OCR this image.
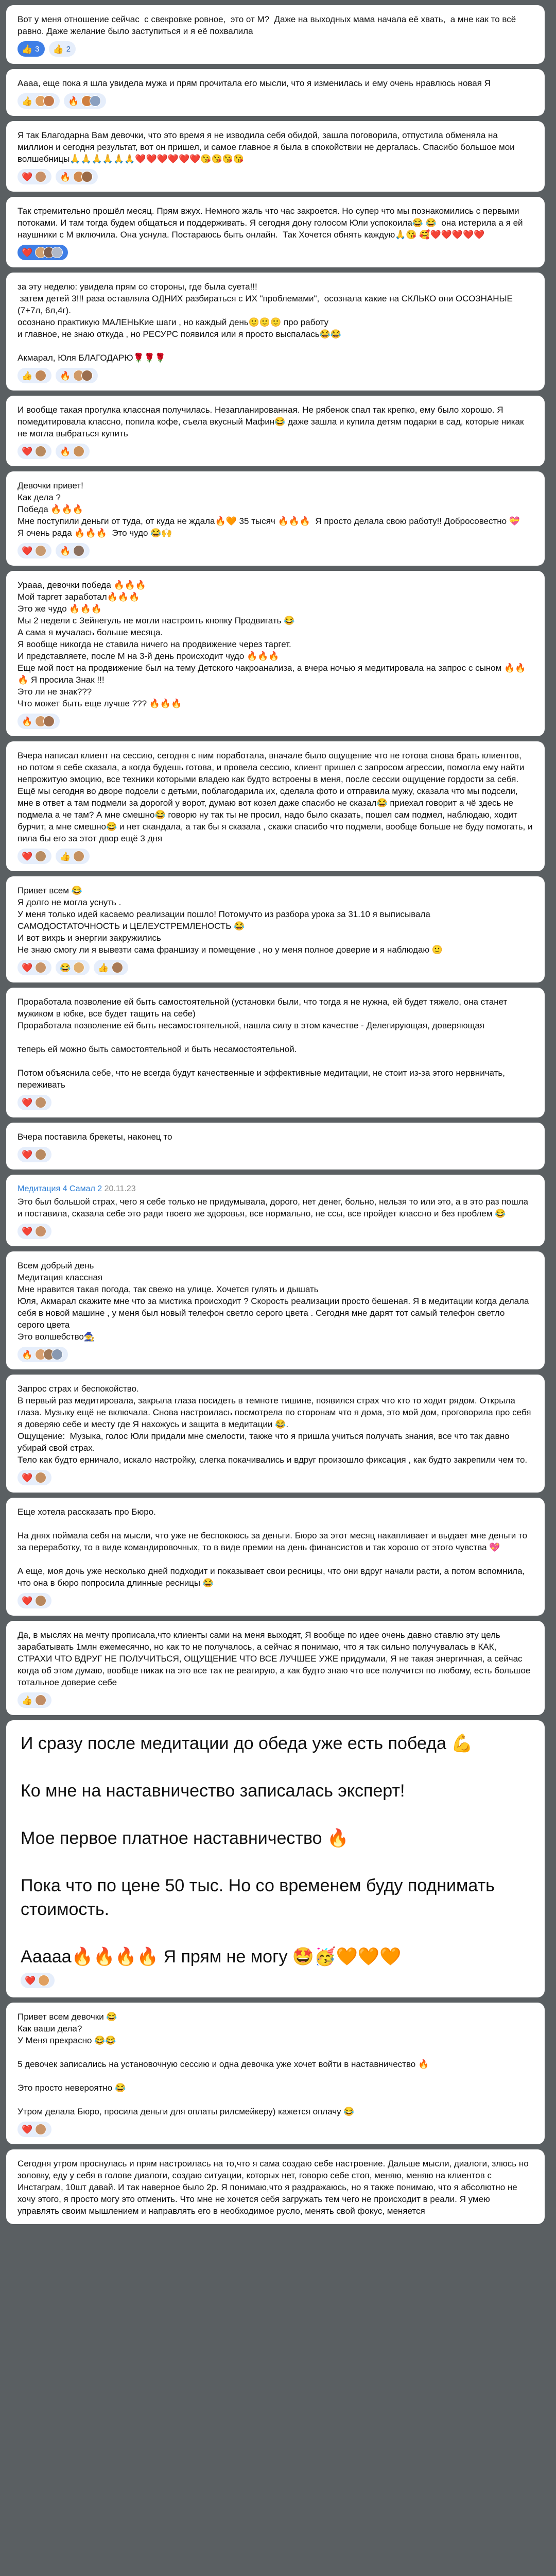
Вот у меня отношение сейчас  с свекровке ровное,  это от М?  Даже на выходных мама начала её хвать,  а мне как то всё равно. Даже желание было заступиться и я её похвалила
👍 3 👍 2
Аааа, еще пока я шла увидела мужа и прям прочитала его мысли, что я изменилась и ему очень нравлюсь новая Я
👍	🔥
Я так Благодарна Вам девочки, что это время я не изводила себя обидой, зашла поговорила, отпустила обменяла на миллион и сегодня результат, вот он пришел, и самое главное я была в спокойствии не дергалась. Спасибо большое мои волшебницы🙏🙏🙏🙏🙏🙏❤️❤️❤️❤️❤️❤️😘😘😘😘
❤️	🔥
Так стремительно прошёл месяц. Прям вжух. Немного жаль что час закроется. Но супер что мы познакомились с первыми потоками. И там тогда будем общаться и поддерживать. Я сегодня дону голосом Юли успокоила😂 😂  она истерила а я ей наушники с М включила. Она уснула. Постараюсь быть онлайн.  Так Хочется обнять каждую🙏😘 🥰❤️❤️❤️❤️❤️
❤️
за эту неделю: увидела прям со стороны, где была суета!!!
затем детей 3!!! раза оставляла ОДНИХ разбираться с ИХ "проблемами",  осознала какие на СКЛЬКО они ОСОЗНАНЫЕ  (7+7л, 6л,4г).
осознано практикую МАЛЕНЬКие шаги , но каждый день🙂🙂🙂 про работу
и главное, не знаю откуда , но РЕСУРС появился или я просто выспалась😂😂
Акмарал, Юля БЛАГОДАРЮ🌹🌹🌹
👍	🔥
И вообще такая прогулка классная получилась. Незапланированная. Не рябенок спал так крепко, ему было хорошо. Я помедитировала классно, попила кофе, съела вкусный Мафин😂 даже зашла и купила детям подарки в сад, которые никак не могла выбраться купить
❤️	🔥
Девочки привет!
Как дела ?
Победа 🔥🔥🔥
Мне поступили деньги от туда, от куда не ждала🔥🧡 35 тысяч 🔥🔥🔥  Я просто делала свою работу!! Добросовестно 💝
Я очень рада 🔥🔥🔥  Это чудо 😂🙌
❤️	🔥
Урааа, девочки победа 🔥🔥🔥
Мой таргет заработал🔥🔥🔥
Это же чудо 🔥🔥🔥
Мы 2 недели с Зейнегуль не могли настроить кнопку Продвигать 😂
А сама я мучалась больше месяца.
Я вообще никогда не ставила ничего на продвижение через таргет.
И представляете, после М на 3-й день происходит чудо 🔥🔥🔥
Еще мой пост на продвижение был на тему Детского чакроанализа, а вчера ночью я медитировала на запрос с сыном 🔥🔥🔥 Я просила Знак !!!
Это ли не знак???
Что может быть еще лучше ??? 🔥🔥🔥
🔥
Вчера написал клиент на сессию, сегодня с ним поработала, вначале было ощущение что не готова снова брать клиентов, но потом я себе сказала, а когда будешь готова, и провела сессию, клиент пришел с запросом агрессии, помогла ему найти непрожитую эмоцию, все техники которыми владею как будто встроены в меня, после сессии ощущение гордости за себя.
Ещё мы сегодня во дворе подсели с детьми, поблагодарила их, сделала фото и отправила мужу, сказала что мы подсели, мне в ответ а там подмели за дорогой у ворот, думаю вот козел даже спасибо не сказал😂 приехал говорит а чё здесь не подмела а че там? А мне смешно😂 говорю ну так ты не просил, надо было сказать, пошел сам подмел, наблюдаю, ходит бурчит, а мне смешно😂 и нет скандала, а так бы я сказала , скажи спасибо что подмели, вообще больше не буду помогать, и пила бы его за этот двор ещё 3 дня
❤️	👍
Привет всем 😂
Я долго не могла уснуть .
У меня только идей касаемо реализации пошло! Потомучто из разбора урока за 31.10 я выписывала САМОДОСТАТОЧНОСТЬ и ЦЕЛЕУСТРЕМЛЕНОСТЬ 😂
И вот вихрь и энергии закружились
Не знаю смогу ли я вывезти сама франшизу и помещение , но у меня полное доверие и я наблюдаю 🙂
❤️	😂	👍
Проработала позволение ей быть самостоятельной (установки были, что тогда я не нужна, ей будет тяжело, она станет мужиком в юбке, все будет тащить на себе)
Проработала позволение ей быть несамостоятельной, нашла силу в этом качестве - Делегирующая, доверяющая
теперь ей можно быть самостоятельной и быть несамостоятельной.
Потом объяснила себе, что не всегда будут качественные и эффективные медитации, не стоит из-за этого нервничать, переживать
❤️
Вчера поставила брекеты, наконец то
❤️
Медитация 4 Самал 2 20.11.23
Это был большой страх, чего я себе только не придумывала, дорого, нет денег, больно, нельзя то или это, а в это раз пошла и поставила, сказала себе это ради твоего же здоровья, все нормально, не ссы, все пройдет классно и без проблем 😂
❤️
Всем добрый день
Медитация классная
Мне нравится такая погода, так свежо на улице. Хочется гулять и дышать
Юля, Акмарал скажите мне что за мистика происходит ? Скорость реализации просто бешеная. Я в медитации когда делала себя в новой машине , у меня был новый телефон светло серого цвета . Сегодня мне дарят тот самый телефон светло серого цвета
Это волшебство🧙
🔥
Запрос страх и беспокойство.
В первый раз медитировала, закрыла глаза посидеть в темноте тишине, появился страх что кто то ходит рядом. Открыла глаза. Музыку ещё не включала. Снова настроилась посмотрела по сторонам что я дома, это мой дом, проговорила про себя  я доверяю себе и месту где Я нахожусь и защита в медитации 😂.
Ощущение:  Музыка, голос Юли придали мне смелости, также что я пришла учиться получать знания, все что так давно убирай свой страх.
Тело как будто ерничало, искало настройку, слегка покачивались и вдруг произошло фиксация , как будто закрепили чем то.
❤️
Еще хотела рассказать про Бюро.
На днях поймала себя на мысли, что уже не беспокоюсь за деньги. Бюро за этот месяц накапливает и выдает мне деньги то за переработку, то в виде командировочных, то в виде премии на день финансистов и так хорошо от этого чувства 💖
А еще, моя дочь уже несколько дней подходит и показывает свои ресницы, что они вдруг начали расти, а потом вспомнила, что она в бюро попросила длинные ресницы 😂
❤️
Да, в мыслях на мечту прописала,что клиенты сами на меня выходят, Я вообще по идее очень давно ставлю эту цель зарабатывать 1млн ежемесячно, но как то не получалось, а сейчас я понимаю, что я так сильно получувалась в КАК, СТРАХИ ЧТО ВДРУГ НЕ ПОЛУЧИТЬСЯ, ОЩУЩЕНИЕ ЧТО ВСЕ ЛУЧШЕЕ УЖЕ придумали, Я не такая энергичная, а сейчас когда об этом думаю, вообще никак на это все так не реагирую, а как будто знаю что все получится по любому, есть большое тотальное доверие себе
👍
И сразу после медитации до обеда уже есть победа 💪
Ко мне на наставничество записалась эксперт!
Мое первое платное наставничество 🔥
Пока что по цене 50 тыс. Но со временем буду поднимать стоимость.
Ааааа🔥🔥🔥🔥 Я прям не могу 🤩🥳🧡🧡🧡
❤️
Привет всем девочки 😂
Как ваши дела?
У Меня прекрасно 😂😂
5 девочек записались на установочную сессию и одна девочка уже хочет войти в наставничество 🔥
Это просто невероятно 😂
Утром делала Бюро, просила деньги для оплаты рилсмейкеру) кажется оплачу 😂
❤️
Сегодня утром проснулась и прям настроилась на то,что я сама создаю себе настроение. Дальше мысли, диалоги, злюсь но золовку, еду у себя в голове диалоги, создаю ситуации, которых нет, говорю себе стоп, меняю, меняю на клиентов с Инстаграм, 10шт давай. И так наверное было 2р. Я понимаю,что я раздражаюсь, но я также понимаю, что я абсолютно не хочу этого, я просто могу это отменить. Что мне не хочется себя загружать тем чего не происходит в реали. Я умею управлять своим мышлением и направлять его в необходимое русло, менять свой фокус, меняется
